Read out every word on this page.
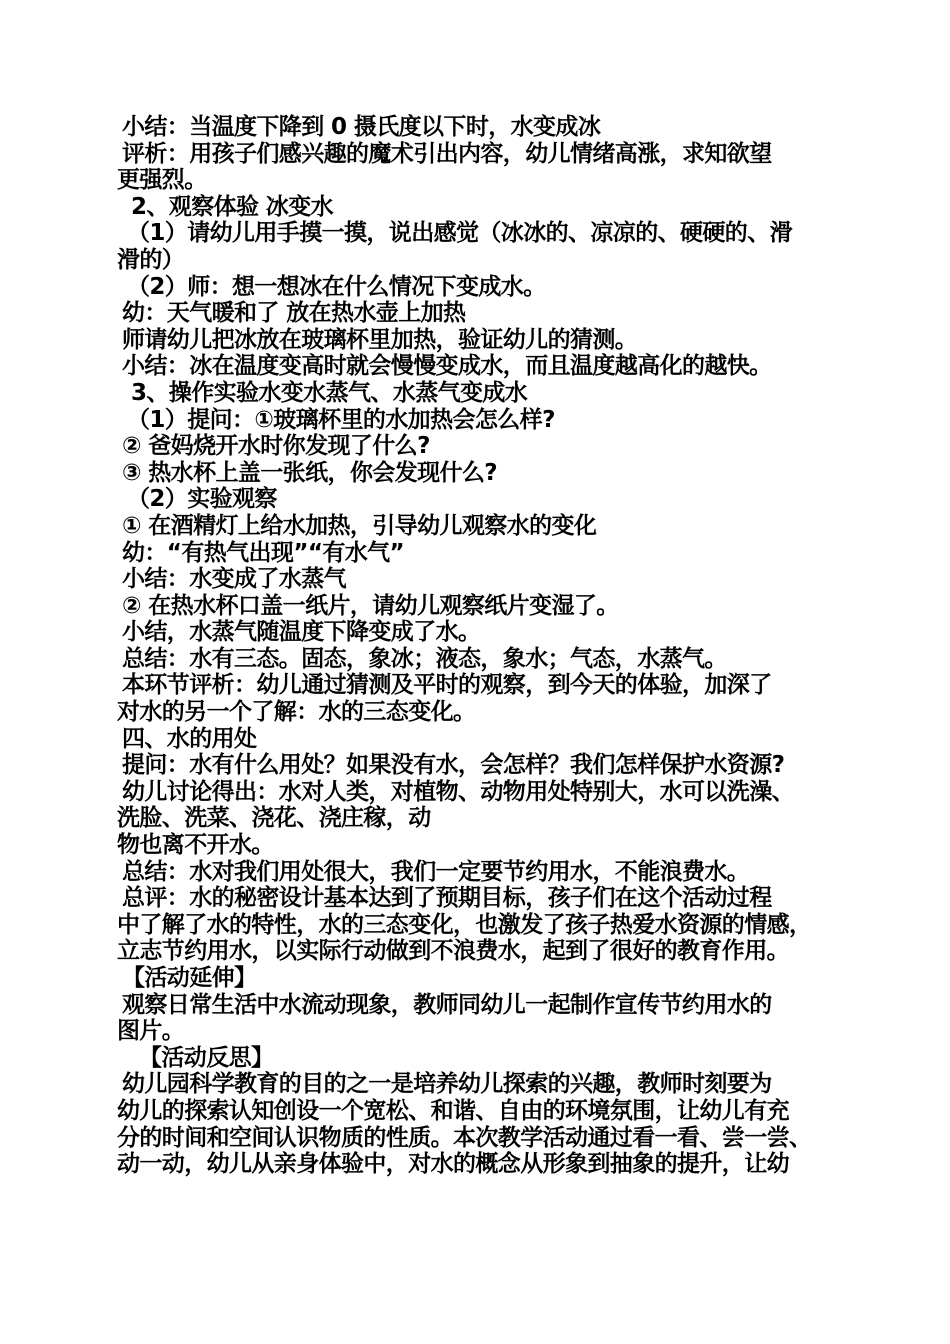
小结：当温度下降到 0 摄氏度以下时，水变成冰
评析：用孩子们感兴趣的魔术引出内容，幼儿情绪高涨，求知欲望
更强烈。
2、观察体验 冰变水
（1）请幼儿用手摸一摸，说出感觉（冰冰的、凉凉的、硬硬的、滑
滑的）
（2）师：想一想冰在什么情况下变成水。
幼：天气暖和了 放在热水壶上加热
师请幼儿把冰放在玻璃杯里加热，验证幼儿的猜测。
小结：冰在温度变高时就会慢慢变成水，而且温度越高化的越快。
3、操作实验水变水蒸气、水蒸气变成水
（1）提问：①玻璃杯里的水加热会怎么样?
② 爸妈烧开水时你发现了什么?
③ 热水杯上盖一张纸，你会发现什么?
（2）实验观察
① 在酒精灯上给水加热，引导幼儿观察水的变化
幼：“有热气出现”“有水气”
小结：水变成了水蒸气
② 在热水杯口盖一纸片，请幼儿观察纸片变湿了。
小结，水蒸气随温度下降变成了水。
总结：水有三态。固态，象冰；液态，象水；气态，水蒸气。
本环节评析：幼儿通过猜测及平时的观察，到今天的体验，加深了
对水的另一个了解：水的三态变化。
四、水的用处
提问：水有什么用处？如果没有水，会怎样？我们怎样保护水资源?
幼儿讨论得出：水对人类，对植物、动物用处特别大，水可以洗澡、
洗脸、洗菜、浇花、浇庄稼，动
物也离不开水。
总结：水对我们用处很大，我们一定要节约用水，不能浪费水。
总评：水的秘密设计基本达到了预期目标，孩子们在这个活动过程
中了解了水的特性，水的三态变化，也激发了孩子热爱水资源的情感，
立志节约用水，以实际行动做到不浪费水，起到了很好的教育作用。
【活动延伸】
观察日常生活中水流动现象，教师同幼儿一起制作宣传节约用水的
图片。
【活动反思】
幼儿园科学教育的目的之一是培养幼儿探索的兴趣，教师时刻要为
幼儿的探索认知创设一个宽松、和谐、自由的环境氛围，让幼儿有充
分的时间和空间认识物质的性质。本次教学活动通过看一看、尝一尝、
动一动，幼儿从亲身体验中，对水的概念从形象到抽象的提升，让幼
